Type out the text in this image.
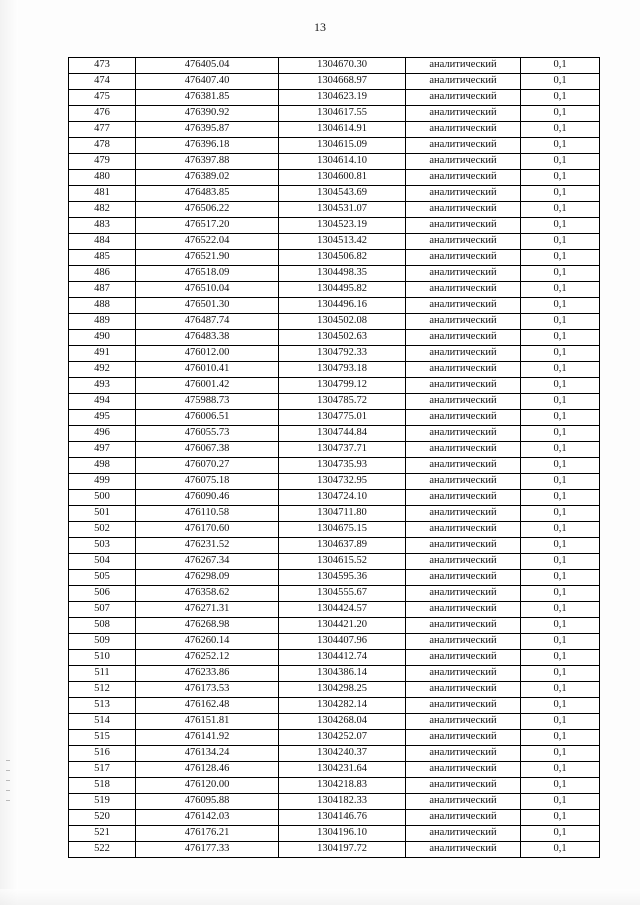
13
473	476405.04	1304670.30	аналитический	0,1
474	476407.40	1304668.97	аналитический	0,1
475	476381.85	1304623.19	аналитический	0,1
476	476390.92	1304617.55	аналитический	0,1
477	476395.87	1304614.91	аналитический	0,1
478	476396.18	1304615.09	аналитический	0,1
479	476397.88	1304614.10	аналитический	0,1
480	476389.02	1304600.81	аналитический	0,1
481	476483.85	1304543.69	аналитический	0,1
482	476506.22	1304531.07	аналитический	0,1
483	476517.20	1304523.19	аналитический	0,1
484	476522.04	1304513.42	аналитический	0,1
485	476521.90	1304506.82	аналитический	0,1
486	476518.09	1304498.35	аналитический	0,1
487	476510.04	1304495.82	аналитический	0,1
488	476501.30	1304496.16	аналитический	0,1
489	476487.74	1304502.08	аналитический	0,1
490	476483.38	1304502.63	аналитический	0,1
491	476012.00	1304792.33	аналитический	0,1
492	476010.41	1304793.18	аналитический	0,1
493	476001.42	1304799.12	аналитический	0,1
494	475988.73	1304785.72	аналитический	0,1
495	476006.51	1304775.01	аналитический	0,1
496	476055.73	1304744.84	аналитический	0,1
497	476067.38	1304737.71	аналитический	0,1
498	476070.27	1304735.93	аналитический	0,1
499	476075.18	1304732.95	аналитический	0,1
500	476090.46	1304724.10	аналитический	0,1
501	476110.58	1304711.80	аналитический	0,1
502	476170.60	1304675.15	аналитический	0,1
503	476231.52	1304637.89	аналитический	0,1
504	476267.34	1304615.52	аналитический	0,1
505	476298.09	1304595.36	аналитический	0,1
506	476358.62	1304555.67	аналитический	0,1
507	476271.31	1304424.57	аналитический	0,1
508	476268.98	1304421.20	аналитический	0,1
509	476260.14	1304407.96	аналитический	0,1
510	476252.12	1304412.74	аналитический	0,1
511	476233.86	1304386.14	аналитический	0,1
512	476173.53	1304298.25	аналитический	0,1
513	476162.48	1304282.14	аналитический	0,1
514	476151.81	1304268.04	аналитический	0,1
515	476141.92	1304252.07	аналитический	0,1
516	476134.24	1304240.37	аналитический	0,1
517	476128.46	1304231.64	аналитический	0,1
518	476120.00	1304218.83	аналитический	0,1
519	476095.88	1304182.33	аналитический	0,1
520	476142.03	1304146.76	аналитический	0,1
521	476176.21	1304196.10	аналитический	0,1
522	476177.33	1304197.72	аналитический	0,1
